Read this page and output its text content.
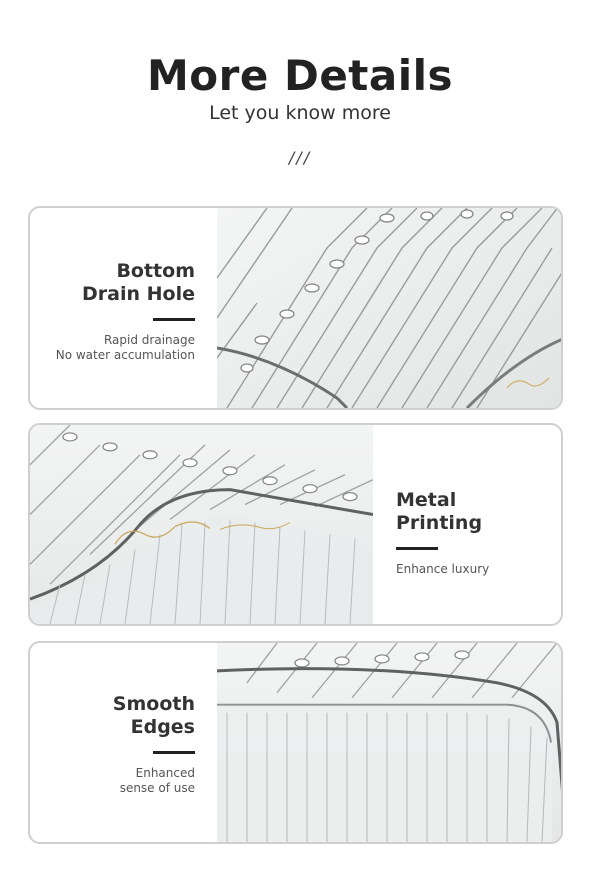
More Details
Let you know more
///
Bottom
Drain Hole
Rapid drainage
No water accumulation
Metal
Printing
Enhance luxury
Smooth
Edges
Enhanced
sense of use
